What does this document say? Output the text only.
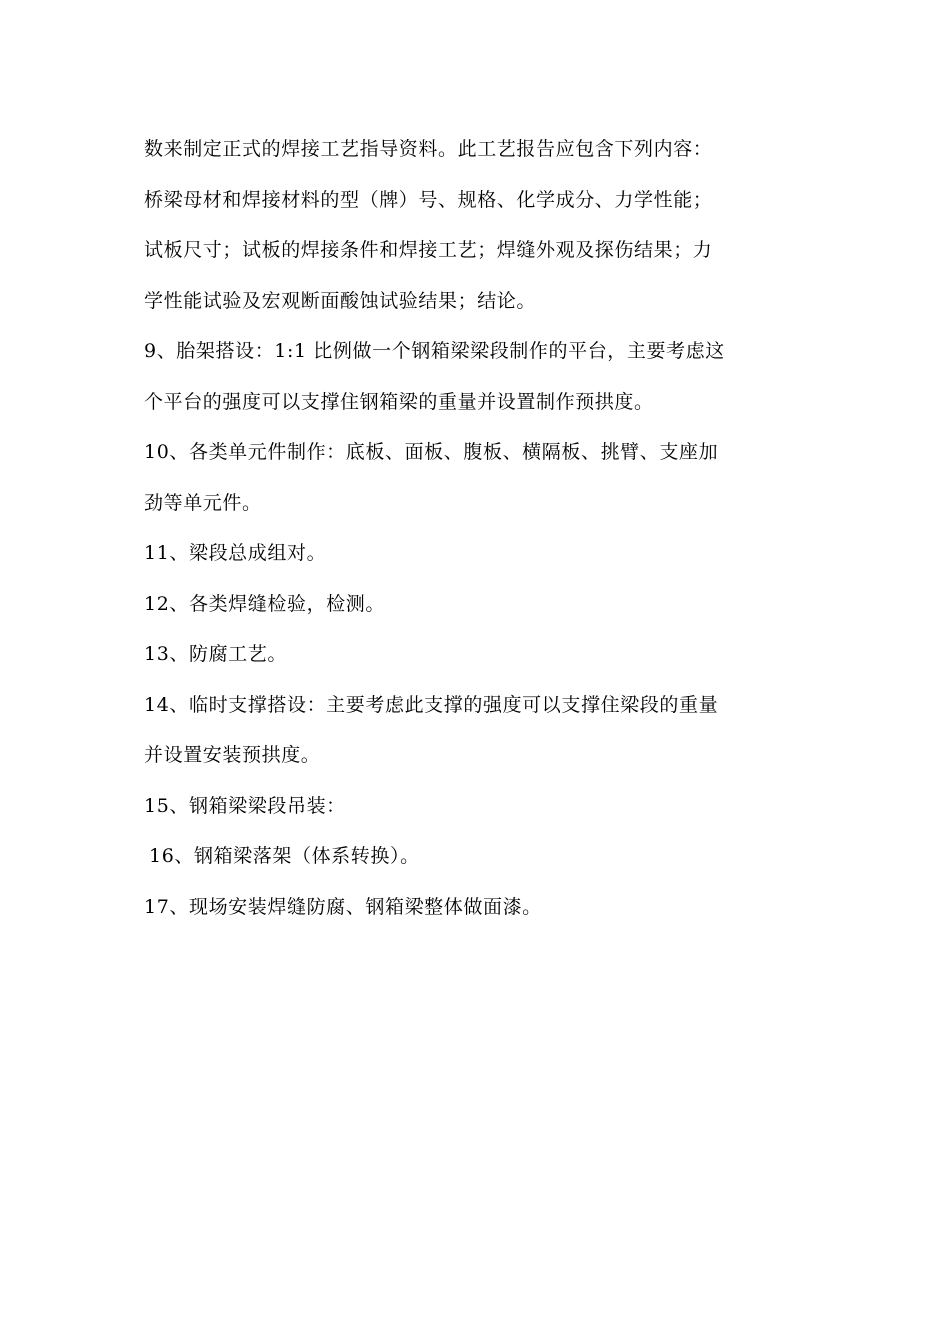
数来制定正式的焊接工艺指导资料。此工艺报告应包含下列内容：
桥梁母材和焊接材料的型（牌）号、规格、化学成分、力学性能；
试板尺寸；试板的焊接条件和焊接工艺；焊缝外观及探伤结果；力
学性能试验及宏观断面酸蚀试验结果；结论。
9、胎架搭设：1:1 比例做一个钢箱梁梁段制作的平台，主要考虑这
个平台的强度可以支撑住钢箱梁的重量并设置制作预拱度。
10、各类单元件制作：底板、面板、腹板、横隔板、挑臂、支座加
劲等单元件。
11、梁段总成组对。
12、各类焊缝检验，检测。
13、防腐工艺。
14、临时支撑搭设：主要考虑此支撑的强度可以支撑住梁段的重量
并设置安装预拱度。
15、钢箱梁梁段吊装：
16、钢箱梁落架（体系转换）。
17、现场安装焊缝防腐、钢箱梁整体做面漆。
